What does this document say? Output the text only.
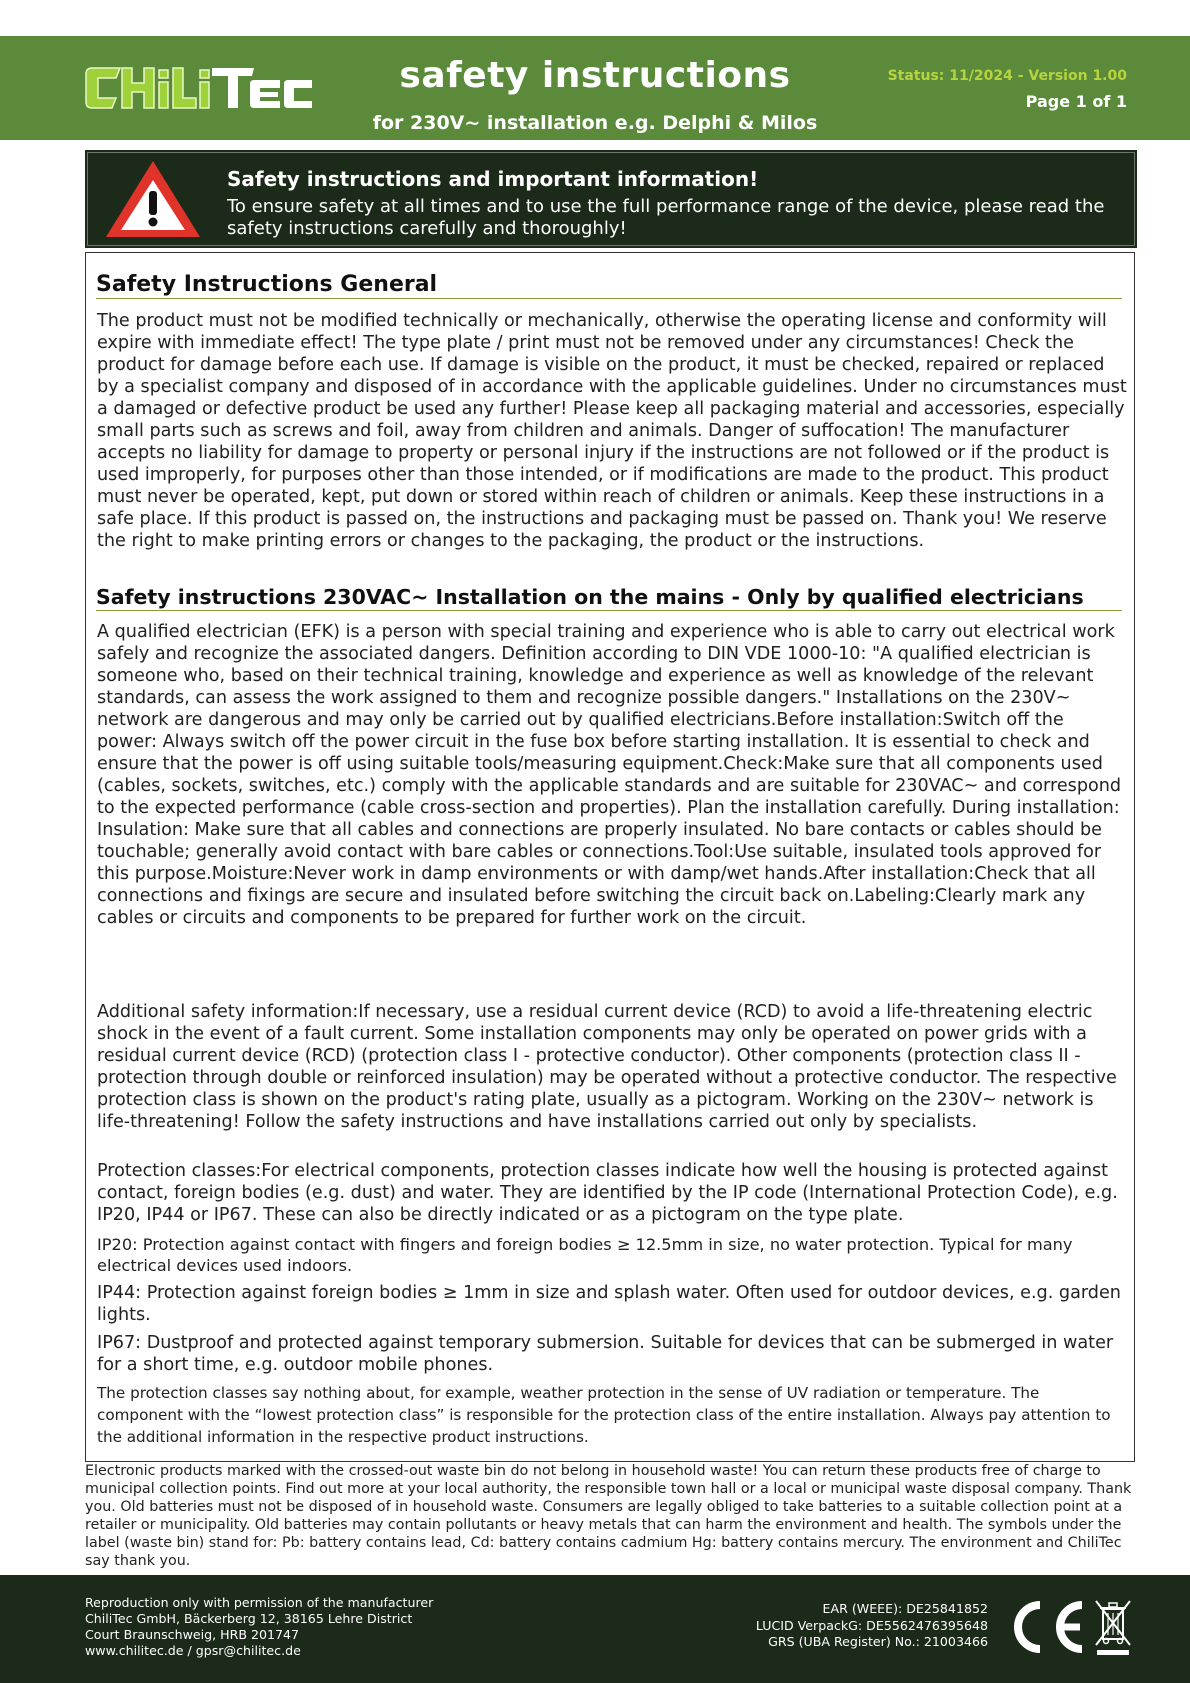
safety instructions
for 230V~ installation e.g. Delphi & Milos
Status: 11/2024 - Version 1.00
Page 1 of 1
Safety instructions and important information!
To ensure safety at all times and to use the full performance range of the device, please read the safety instructions carefully and thoroughly!
Safety Instructions General

The product must not be modified technically or mechanically, otherwise the operating license and conformity will expire with immediate effect! The type plate / print must not be removed under any circumstances! Check the product for damage before each use. If damage is visible on the product, it must be checked, repaired or replaced by a specialist company and disposed of in accordance with the applicable guidelines. Under no circumstances must a damaged or defective product be used any further! Please keep all packaging material and accessories, especially small parts such as screws and foil, away from children and animals. Danger of suffocation! The manufacturer accepts no liability for damage to property or personal injury if the instructions are not followed or if the product is used improperly, for purposes other than those intended, or if modifications are made to the product. This product must never be operated, kept, put down or stored within reach of children or animals. Keep these instructions in a safe place. If this product is passed on, the instructions and packaging must be passed on. Thank you! We reserve the right to make printing errors or changes to the packaging, the product or the instructions.

Safety instructions 230VAC~ Installation on the mains - Only by qualified electricians

A qualified electrician (EFK) is a person with special training and experience who is able to carry out electrical work safely and recognize the associated dangers. Definition according to DIN VDE 1000-10: "A qualified electrician is someone who, based on their technical training, knowledge and experience as well as knowledge of the relevant standards, can assess the work assigned to them and recognize possible dangers." Installations on the 230V~ network are dangerous and may only be carried out by qualified electricians.Before installation:Switch off the power: Always switch off the power circuit in the fuse box before starting installation. It is essential to check and ensure that the power is off using suitable tools/measuring equipment.Check:Make sure that all components used (cables, sockets, switches, etc.) comply with the applicable standards and are suitable for 230VAC~ and correspond to the expected performance (cable cross-section and properties). Plan the installation carefully. During installation: Insulation: Make sure that all cables and connections are properly insulated. No bare contacts or cables should be touchable; generally avoid contact with bare cables or connections.Tool:Use suitable, insulated tools approved for this purpose.Moisture:Never work in damp environments or with damp/wet hands.After installation:Check that all connections and fixings are secure and insulated before switching the circuit back on.Labeling:Clearly mark any cables or circuits and components to be prepared for further work on the circuit.

Additional safety information:If necessary, use a residual current device (RCD) to avoid a life-threatening electric shock in the event of a fault current. Some installation components may only be operated on power grids with a residual current device (RCD) (protection class I - protective conductor). Other components (protection class II - protection through double or reinforced insulation) may be operated without a protective conductor. The respective protection class is shown on the product's rating plate, usually as a pictogram. Working on the 230V~ network is life-threatening! Follow the safety instructions and have installations carried out only by specialists.

Protection classes:For electrical components, protection classes indicate how well the housing is protected against contact, foreign bodies (e.g. dust) and water. They are identified by the IP code (International Protection Code), e.g. IP20, IP44 or IP67. These can also be directly indicated or as a pictogram on the type plate.

IP20: Protection against contact with fingers and foreign bodies ≥ 12.5mm in size, no water protection. Typical for many electrical devices used indoors.

IP44: Protection against foreign bodies ≥ 1mm in size and splash water. Often used for outdoor devices, e.g. garden lights.

IP67: Dustproof and protected against temporary submersion. Suitable for devices that can be submerged in water for a short time, e.g. outdoor mobile phones.

The protection classes say nothing about, for example, weather protection in the sense of UV radiation or temperature. The component with the “lowest protection class” is responsible for the protection class of the entire installation. Always pay attention to the additional information in the respective product instructions.

Electronic products marked with the crossed-out waste bin do not belong in household waste! You can return these products free of charge to municipal collection points. Find out more at your local authority, the responsible town hall or a local or municipal waste disposal company. Thank you. Old batteries must not be disposed of in household waste. Consumers are legally obliged to take batteries to a suitable collection point at a retailer or municipality. Old batteries may contain pollutants or heavy metals that can harm the environment and health. The symbols under the label (waste bin) stand for: Pb: battery contains lead, Cd: battery contains cadmium Hg: battery contains mercury. The environment and ChiliTec say thank you.
Reproduction only with permission of the manufacturer
ChiliTec GmbH, Bäckerberg 12, 38165 Lehre District
Court Braunschweig, HRB 201747
www.chilitec.de / gpsr@chilitec.de
EAR (WEEE): DE25841852
LUCID VerpackG: DE5562476395648
GRS (UBA Register) No.: 21003466
